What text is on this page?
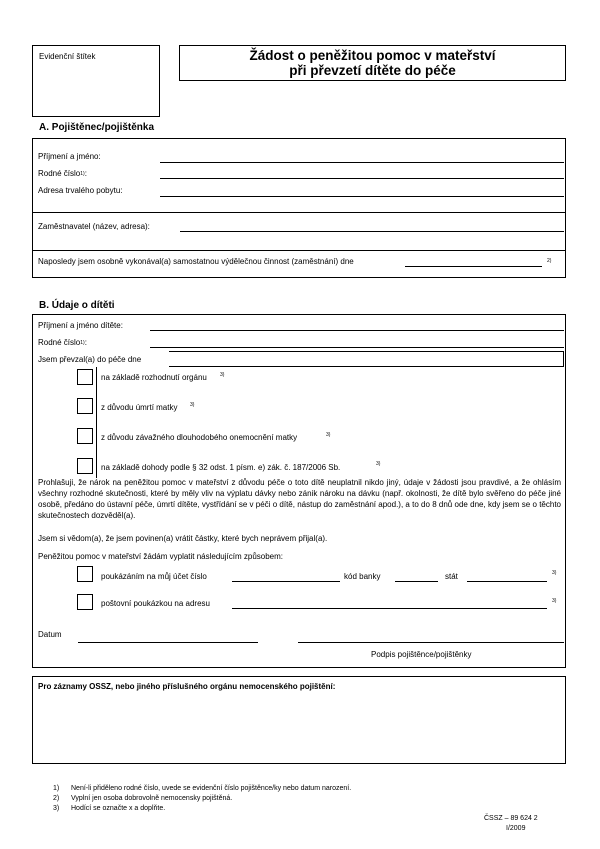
Evidenční štítek	Žádost o peněžitou pomoc v mateřství
při převzetí dítěte do péče
A. Pojištěnec/pojištěnka
Příjmení a jméno:
Rodné číslo$^{1)}$:
Adresa trvalého pobytu:
Zaměstnavatel (název, adresa):
Naposledy jsem osobně vykonával(a) samostatnou výdělečnou činnost (zaměstnání) dne	2)
B. Údaje o dítěti
Příjmení a jméno dítěte:
Rodné číslo$^{1)}$:
Jsem převzal(a) do péče dne
na základě rozhodnutí orgánu	3)
z důvodu úmrtí matky	3)
z důvodu závažného dlouhodobého onemocnění matky	3)
na základě dohody podle § 32 odst. 1 písm. e) zák. č. 187/2006 Sb.	3)
Prohlašuji, že nárok na peněžitou pomoc v mateřství z důvodu péče o toto dítě neuplatnil nikdo jiný, údaje v žádosti jsou pravdivé, a že ohlásím všechny rozhodné skutečnosti, které by měly vliv na výplatu dávky nebo zánik nároku na dávku (např. okolnosti, že dítě bylo svěřeno do péče jiné osobě, předáno do ústavní péče, úmrtí dítěte, vystřídání se v péči o dítě, nástup do zaměstnání apod.), a to do 8 dnů ode dne, kdy jsem se o těchto skutečnostech dozvěděl(a).
Jsem si vědom(a), že jsem povinen(a) vrátit částky, které bych neprávem přijal(a).
Peněžitou pomoc v mateřství žádám vyplatit následujícím způsobem:
poukázáním na můj účet číslo	kód banky	stát	3)
poštovní poukázkou na adresu	3)
Datum
Podpis pojištěnce/pojištěnky
Pro záznamy OSSZ, nebo jiného příslušného orgánu nemocenského pojištění:
1) Není-li přiděleno rodné číslo, uvede se evidenční číslo pojištěnce/ky nebo datum narození.
2) Vyplní jen osoba dobrovolně nemocensky pojištěná.
3) Hodící se označte x a doplňte.
ČSSZ – 89 624 2
I/2009
